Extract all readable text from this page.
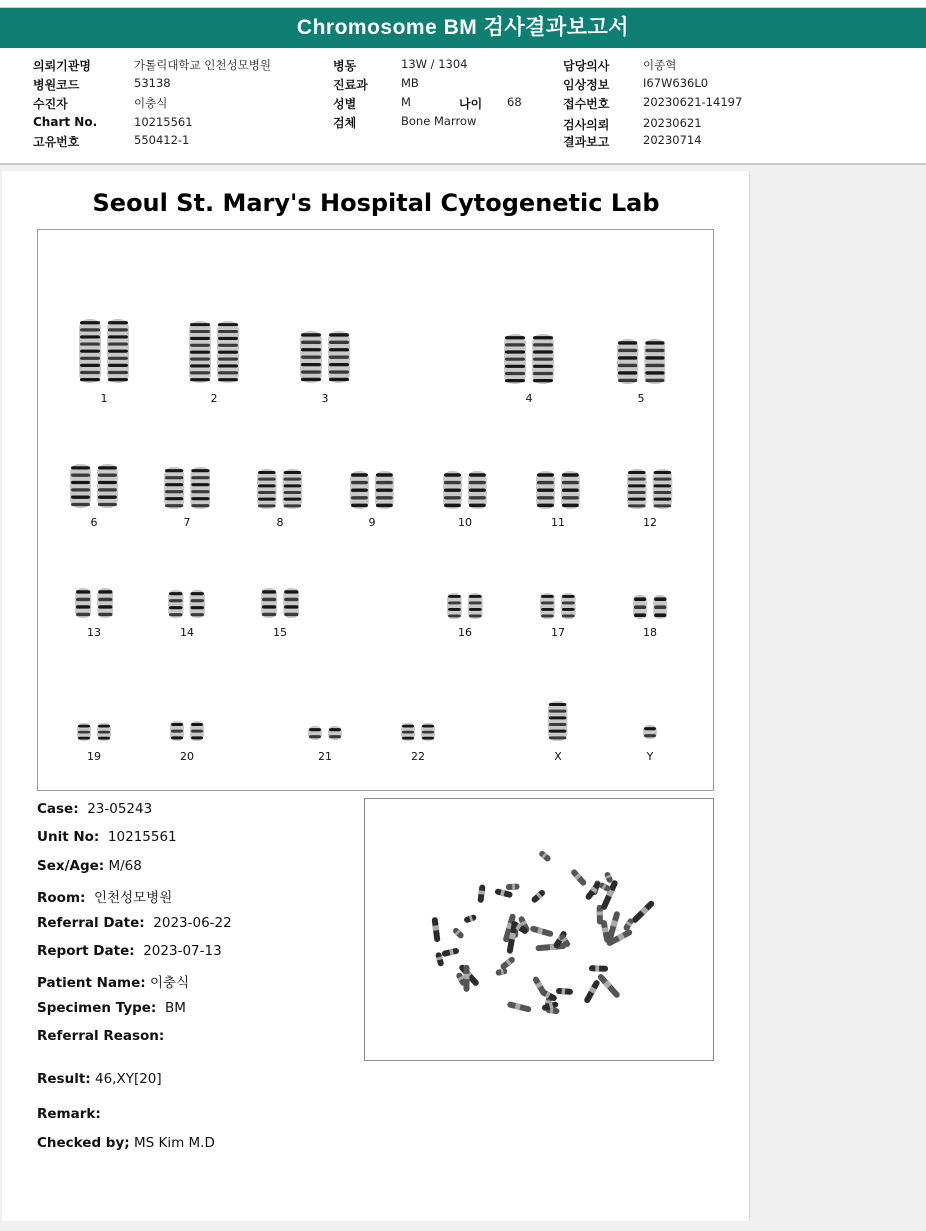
Chromosome BM 검사결과보고서
의뢰기관명	가톨릭대학교 인천성모병원
병원코드	53138
수진자	이충식
Chart No.	10215561
고유번호	550412-1
병동	13W / 1304
진료과	MB
성별	M	나이 68
검체	Bone Marrow
담당의사	이종혁
임상정보	I67W636L0
접수번호	20230621-14197
검사의뢰	20230621
결과보고	20230714
Seoul St. Mary's Hospital Cytogenetic Lab
1	2	3	4	5
6	7	8	9	10	11	12
13	14	15	16	17	18
19	20	21	22	X	Y
Case: 23-05243
Unit No: 10215561
Sex/Age: M/68
Room: 인천성모병원
Referral Date: 2023-06-22
Report Date: 2023-07-13
Patient Name: 이충식
Specimen Type: BM
Referral Reason:
Result: 46,XY[20]
Remark:
Checked by; MS Kim M.D
